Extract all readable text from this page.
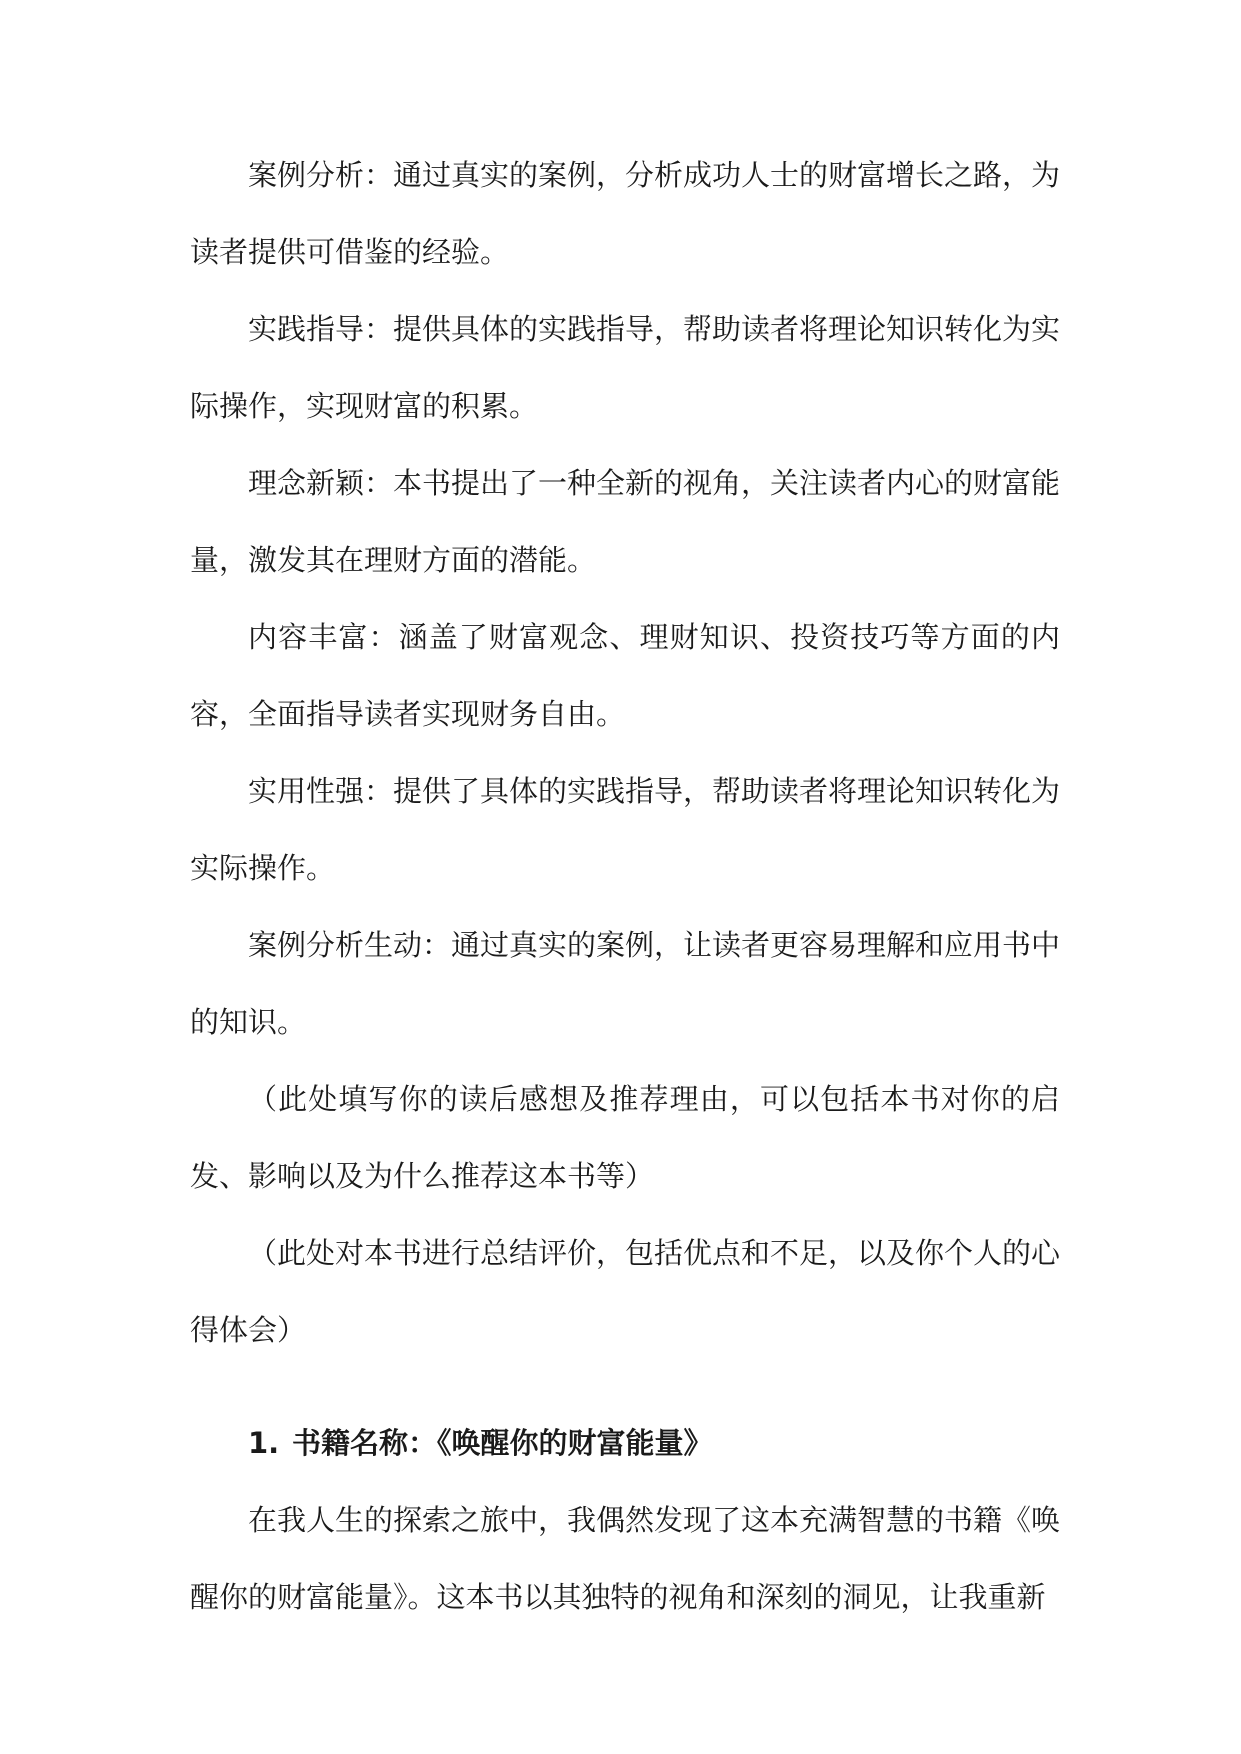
案例分析：通过真实的案例，分析成功人士的财富增长之路，为读者提供可借鉴的经验。

实践指导：提供具体的实践指导，帮助读者将理论知识转化为实际操作，实现财富的积累。

理念新颖：本书提出了一种全新的视角，关注读者内心的财富能量，激发其在理财方面的潜能。

内容丰富：涵盖了财富观念、理财知识、投资技巧等方面的内容，全面指导读者实现财务自由。

实用性强：提供了具体的实践指导，帮助读者将理论知识转化为实际操作。

案例分析生动：通过真实的案例，让读者更容易理解和应用书中的知识。

（此处填写你的读后感想及推荐理由，可以包括本书对你的启发、影响以及为什么推荐这本书等）

（此处对本书进行总结评价，包括优点和不足，以及你个人的心得体会）

1. 书籍名称：《唤醒你的财富能量》

在我人生的探索之旅中，我偶然发现了这本充满智慧的书籍《唤醒你的财富能量》。这本书以其独特的视角和深刻的洞见，让我重新
